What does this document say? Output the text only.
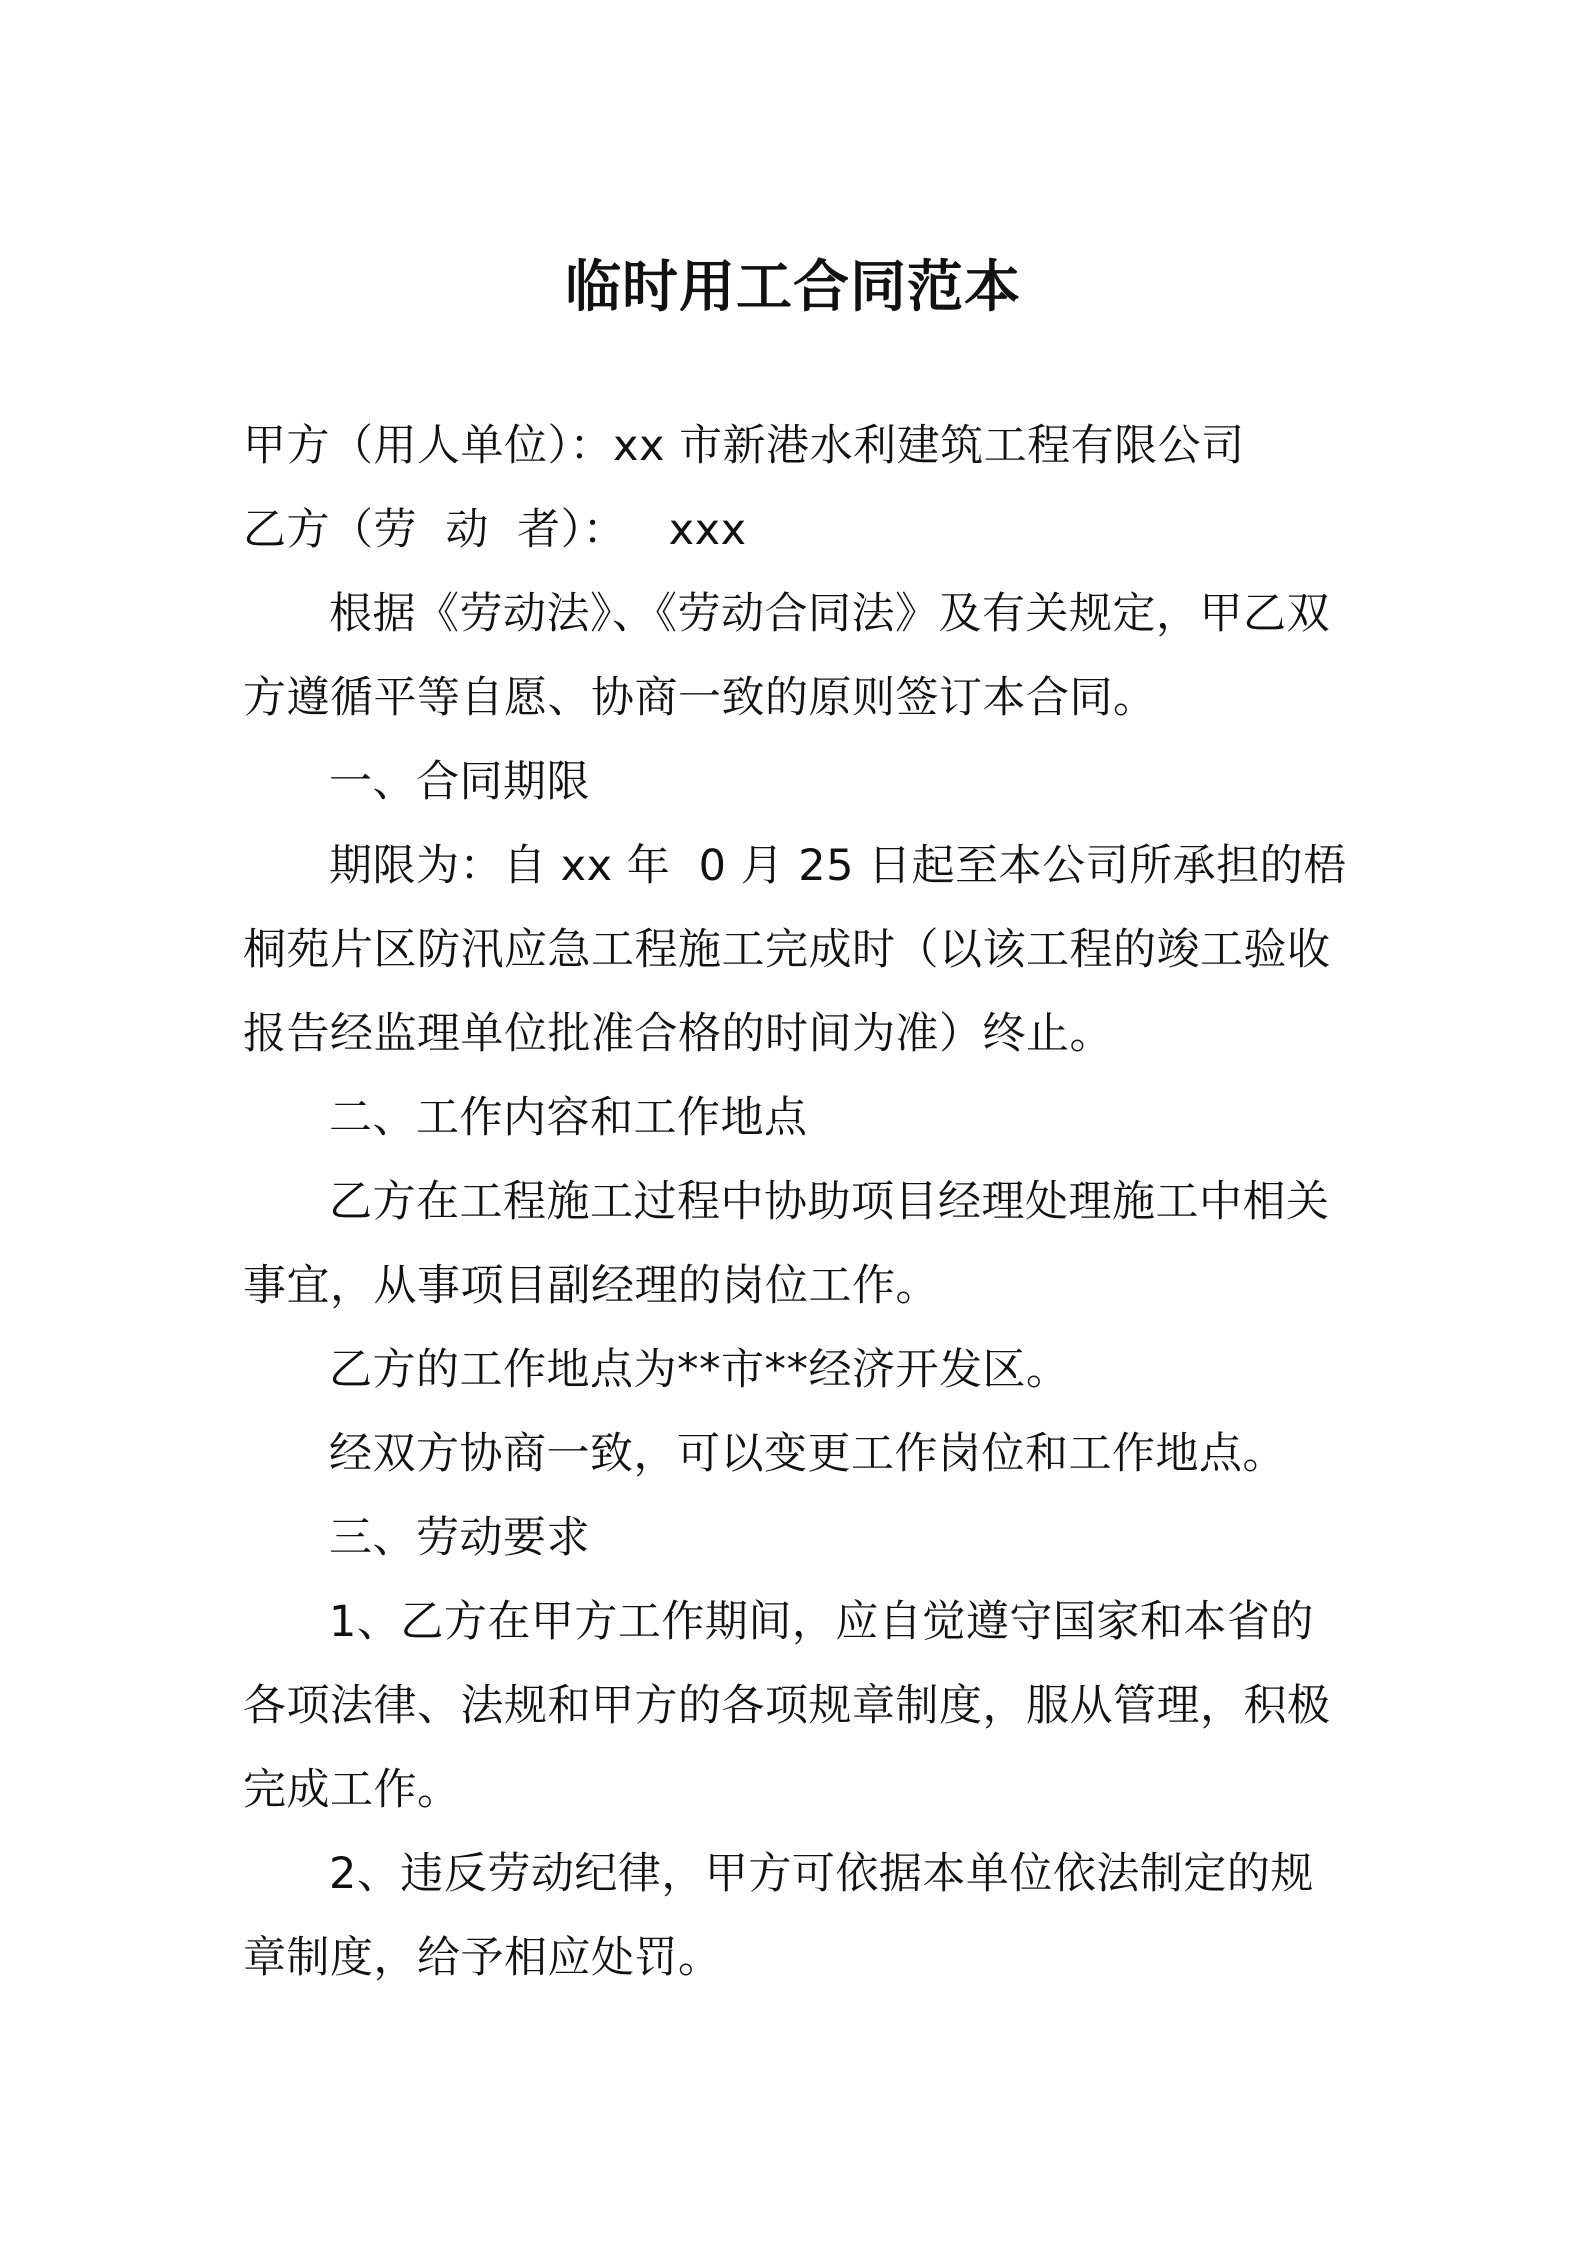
临时用工合同范本

甲方（用人单位）：xx 市新港水利建筑工程有限公司

乙方（劳  动  者）：   xxx

根据《劳动法》、《劳动合同法》及有关规定，甲乙双方遵循平等自愿、协商一致的原则签订本合同。

一、合同期限

期限为：自 xx 年  0 月 25 日起至本公司所承担的梧桐苑片区防汛应急工程施工完成时（以该工程的竣工验收报告经监理单位批准合格的时间为准）终止。

二、工作内容和工作地点

乙方在工程施工过程中协助项目经理处理施工中相关事宜，从事项目副经理的岗位工作。

乙方的工作地点为**市**经济开发区。

经双方协商一致，可以变更工作岗位和工作地点。

三、劳动要求

1、乙方在甲方工作期间，应自觉遵守国家和本省的各项法律、法规和甲方的各项规章制度，服从管理，积极完成工作。

2、违反劳动纪律，甲方可依据本单位依法制定的规章制度，给予相应处罚。
